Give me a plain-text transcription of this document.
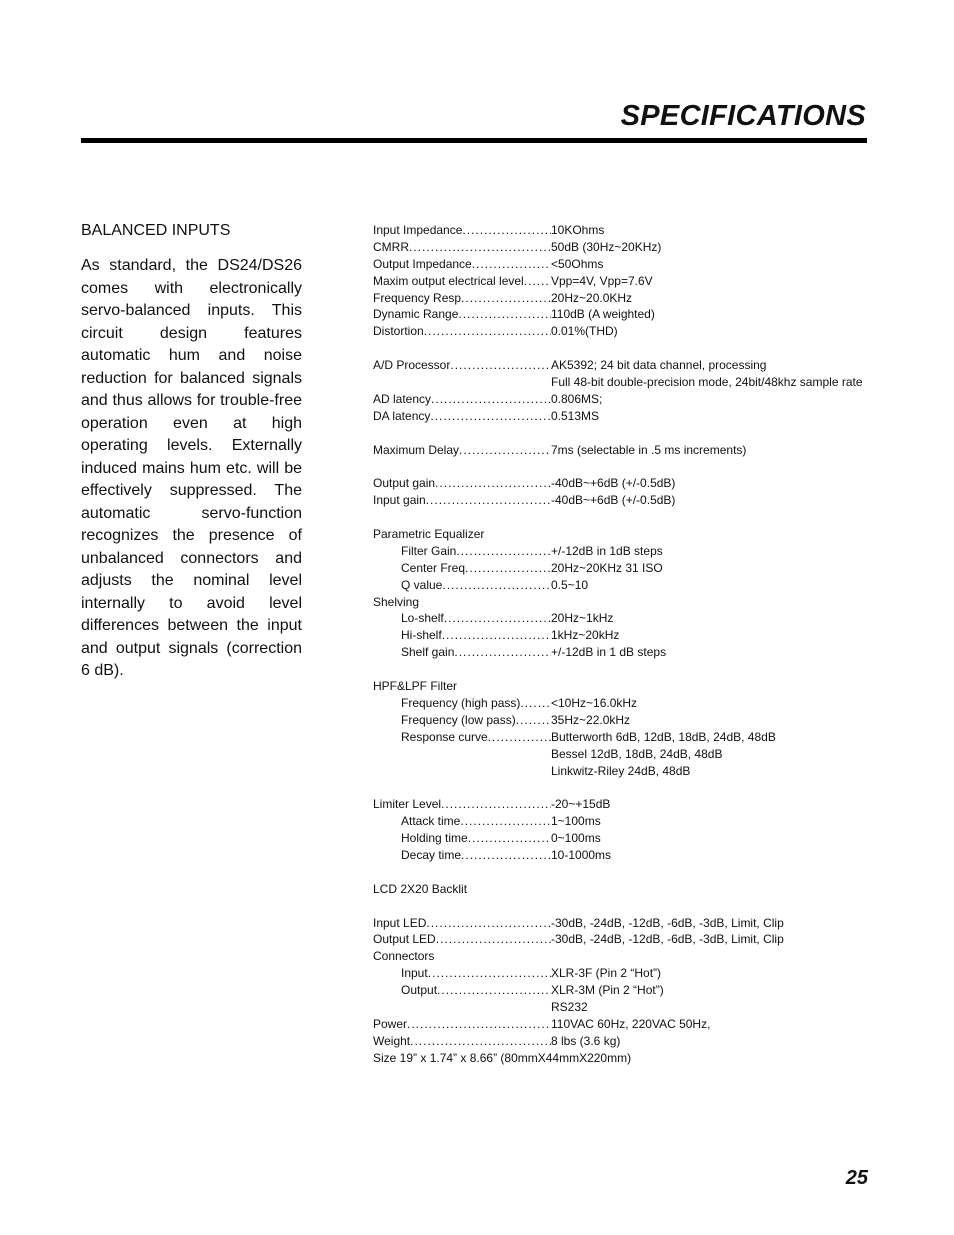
SPECIFICATIONS

BALANCED INPUTS

As standard, the DS24/DS26 comes with electronically servo-balanced inputs. This circuit design features automatic hum and noise reduction for balanced signals and thus allows for trouble-free operation even at high operating levels. Externally induced mains hum etc. will be effectively suppressed. The automatic servo-function recognizes the presence of unbalanced connectors and adjusts the nominal level internally to avoid level differences between the input and output signals (correction 6 dB).

Input Impedance .....	10KOhms
CMRR .....	50dB (30Hz~20KHz)
Output Impedance .....	<50Ohms
Maxim output electrical level ..... Vpp=4V, Vpp=7.6V
Frequency Resp .....	20Hz~20.0KHz
Dynamic Range .....	110dB (A weighted)
Distortion .....	0.01%(THD)
A/D Processor .....	AK5392; 24 bit data channel, processing
Full 48-bit double-precision mode, 24bit/48khz sample rate
AD latency .....	0.806MS;
DA latency .....	0.513MS
Maximum Delay .....	7ms (selectable in .5 ms increments)
Output gain .....	-40dB~+6dB (+/-0.5dB)
Input gain .....	-40dB~+6dB (+/-0.5dB)
Parametric Equalizer
Filter Gain .....	+/-12dB in 1dB steps
Center Freq .....	20Hz~20KHz 31 ISO
Q value .....	0.5~10
Shelving
Lo-shelf .....	20Hz~1kHz
Hi-shelf .....	1kHz~20kHz
Shelf gain .....	+/-12dB in 1 dB steps
HPF&LPF Filter
Frequency (high pass) .....	<10Hz~16.0kHz
Frequency (low pass) .....	35Hz~22.0kHz
Response curve .....	Butterworth 6dB, 12dB, 18dB, 24dB, 48dB
Bessel 12dB, 18dB, 24dB, 48dB
Linkwitz-Riley 24dB, 48dB
Limiter Level .....	-20~+15dB
Attack time .....	1~100ms
Holding time .....	0~100ms
Decay time .....	10-1000ms
LCD 2X20 Backlit
Input LED .....	-30dB, -24dB, -12dB, -6dB, -3dB, Limit, Clip
Output LED .....	-30dB, -24dB, -12dB, -6dB, -3dB, Limit, Clip
Connectors
Input .....	XLR-3F (Pin 2 “Hot”)
Output .....	XLR-3M (Pin 2 “Hot”)
RS232
Power .....	110VAC 60Hz, 220VAC 50Hz,
Weight .....	8 lbs (3.6 kg)
Size 19” x 1.74” x 8.66” (80mmX44mmX220mm)

25
